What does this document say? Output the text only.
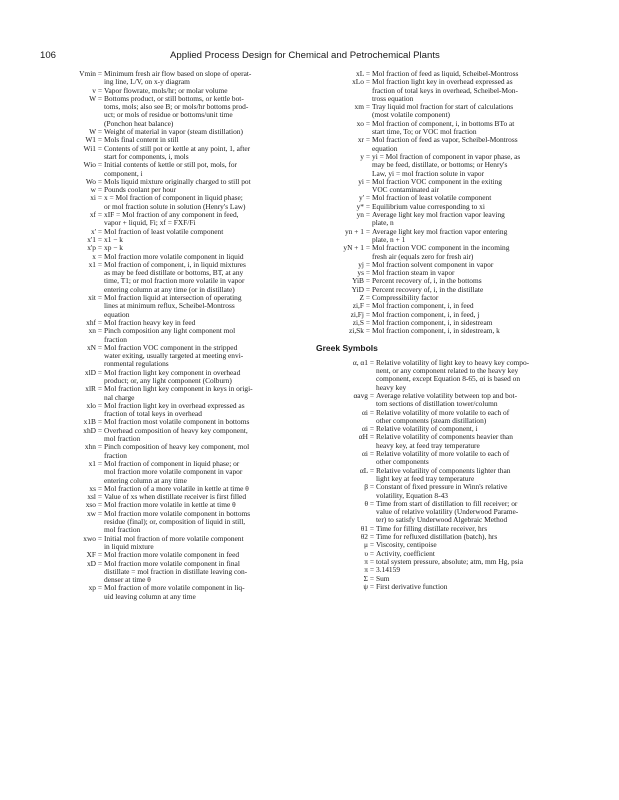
106	Applied Process Design for Chemical and Petrochemical Plants
Vmin = Minimum fresh air flow based on slope of operat-
ing line, L/V, on x-y diagram
v = Vapor flowrate, mols/hr; or molar volume
W = Bottoms product, or still bottoms, or kettle bot-
toms, mols; also see B; or mols/hr bottoms prod-
uct; or mols of residue or bottoms/unit time
(Ponchon heat balance)
W = Weight of material in vapor (steam distillation)
W1 = Mols final content in still
Wi1 = Contents of still pot or kettle at any point, 1, after
start for components, i, mols
Wio = Initial contents of kettle or still pot, mols, for
component, i
Wo = Mols liquid mixture originally charged to still pot
w = Pounds coolant per hour
xi = x = Mol fraction of component in liquid phase;
or mol fraction solute in solution (Henry's Law)
xf = xIF = Mol fraction of any component in feed,
vapor + liquid, Fi; xf = FXF/Fi
x' = Mol fraction of least volatile component
x'1 = x1 − k
x'p = xp − k
x = Mol fraction more volatile component in liquid
x1 = Mol fraction of component, i, in liquid mixtures
as may be feed distillate or bottoms, BT, at any
time, T1; or mol fraction more volatile in vapor
entering column at any time (or in distillate)
xit = Mol fraction liquid at intersection of operating
lines at minimum reflux, Scheibel-Montross
equation
xhf = Mol fraction heavy key in feed
xn = Pinch composition any light component mol
fraction
xN = Mol fraction VOC component in the stripped
water exiting, usually targeted at meeting envi-
ronmental regulations
xlD = Mol fraction light key component in overhead
product; or, any light component (Colburn)
xlR = Mol fraction light key component in keys in origi-
nal charge
xlo = Mol fraction light key in overhead expressed as
fraction of total keys in overhead
x1B = Mol fraction most volatile component in bottoms
xhD = Overhead composition of heavy key component,
mol fraction
xhn = Pinch composition of heavy key component, mol
fraction
x1 = Mol fraction of component in liquid phase; or
mol fraction more volatile component in vapor
entering column at any time
xs = Mol fraction of a more volatile in kettle at time θ
xsl = Value of xs when distillate receiver is first filled
xso = Mol fraction more volatile in kettle at time θ
xw = Mol fraction more volatile component in bottoms
residue (final); or, composition of liquid in still,
mol fraction
xwo = Initial mol fraction of more volatile component
in liquid mixture
XF = Mol fraction more volatile component in feed
xD = Mol fraction more volatile component in final
distillate = mol fraction in distillate leaving con-
denser at time θ
xp = Mol fraction of more volatile component in liq-
uid leaving column at any time
xL = Mol fraction of feed as liquid, Scheibel-Montross
xLo = Mol fraction light key in overhead expressed as
fraction of total keys in overhead, Scheibel-Mon-
tross equation
xm = Tray liquid mol fraction for start of calculations
(most volatile component)
xo = Mol fraction of component, i, in bottoms BTo at
start time, To; or VOC mol fraction
xr = Mol fraction of feed as vapor, Scheibel-Montross
equation
y = yi = Mol fraction of component in vapor phase, as
may be feed, distillate, or bottoms; or Henry's
Law, yi = mol fraction solute in vapor
yi = Mol fraction VOC component in the exiting
VOC contaminated air
y' = Mol fraction of least volatile component
y* = Equilibrium value corresponding to xi
yn = Average light key mol fraction vapor leaving
plate, n
yn + 1 = Average light key mol fraction vapor entering
plate, n + 1
yN + 1 = Mol fraction VOC component in the incoming
fresh air (equals zero for fresh air)
yj = Mol fraction solvent component in vapor
ys = Mol fraction steam in vapor
YiB = Percent recovery of, i, in the bottoms
YiD = Percent recovery of, i, in the distillate
Z = Compressibility factor
zi,F = Mol fraction component, i, in feed
zi,Fj = Mol fraction component, i, in feed, j
zi,S = Mol fraction component, i, in sidestream
zi,Sk = Mol fraction component, i, in sidestream, k
Greek Symbols
α, α1 = Relative volatility of light key to heavy key compo-
nent, or any component related to the heavy key
component, except Equation 8-65, αi is based on
heavy key
αavg = Average relative volatility between top and bot-
tom sections of distillation tower/column
αi = Relative volatility of more volatile to each of
other components (steam distillation)
αi = Relative volatility of component, i
αH = Relative volatility of components heavier than
heavy key, at feed tray temperature
αi = Relative volatility of more volatile to each of
other components
αL = Relative volatility of components lighter than
light key at feed tray temperature
β = Constant of fixed pressure in Winn's relative
volatility, Equation 8-43
θ = Time from start of distillation to fill receiver; or
value of relative volatility (Underwood Parame-
ter) to satisfy Underwood Algebraic Method
θ1 = Time for filling distillate receiver, hrs
θ2 = Time for refluxed distillation (batch), hrs
μ = Viscosity, centipoise
υ = Activity, coefficient
π = total system pressure, absolute; atm, mm Hg, psia
π = 3.14159
Σ = Sum
ψ = First derivative function
